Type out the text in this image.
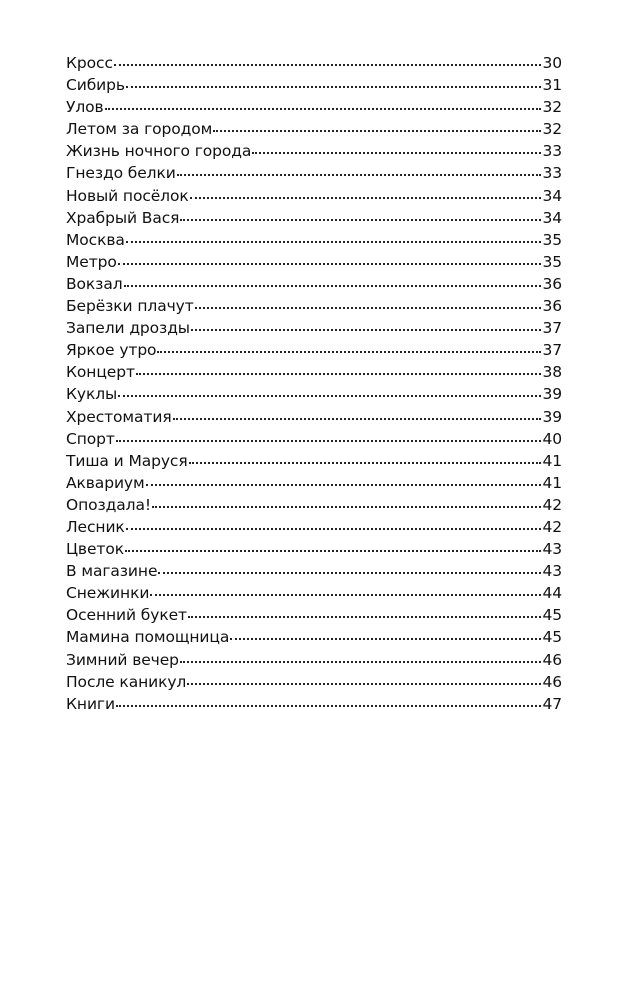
Кросс	30
Сибирь	31
Улов	32
Летом за городом	32
Жизнь ночного города	33
Гнездо белки	33
Новый посёлок	34
Храбрый Вася	34
Москва	35
Метро	35
Вокзал	36
Берёзки плачут	36
Запели дрозды	37
Яркое утро	37
Концерт	38
Куклы	39
Хрестоматия	39
Спорт	40
Тиша и Маруся	41
Аквариум	41
Опоздала!	42
Лесник	42
Цветок	43
В магазине	43
Снежинки	44
Осенний букет	45
Мамина помощница	45
Зимний вечер	46
После каникул	46
Книги	47
